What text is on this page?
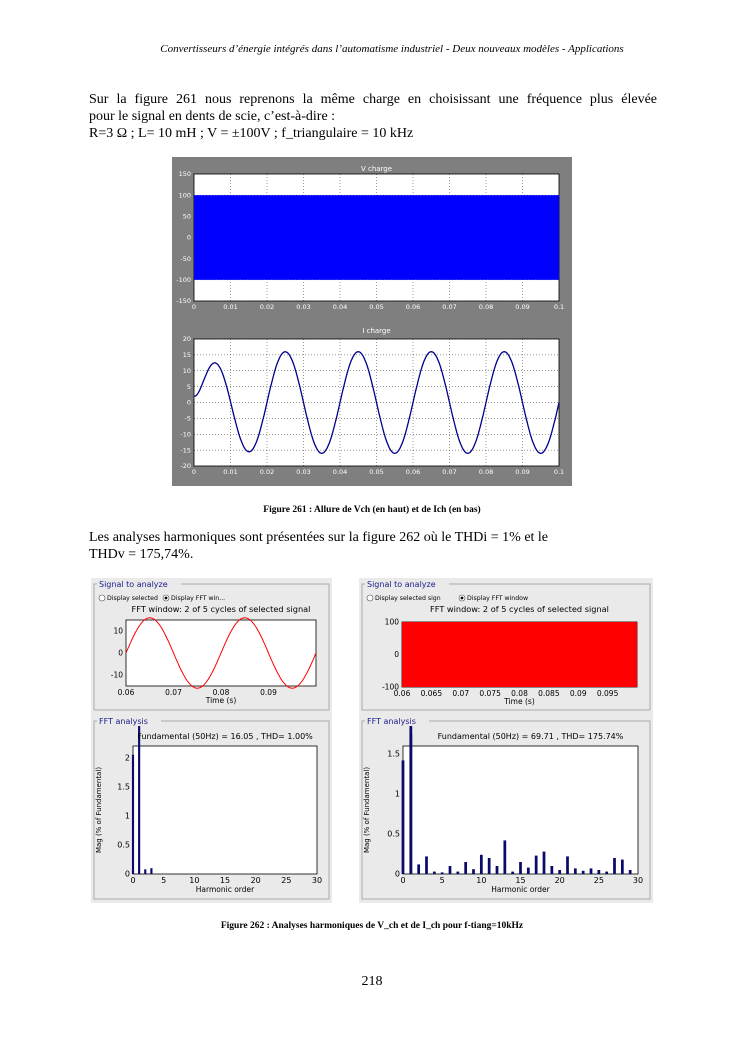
Convertisseurs d’énergie intégrés dans l’automatisme industriel - Deux nouveaux modèles - Applications
Sur la figure 261 nous reprenons la même charge en choisissant une fréquence plus élevée
pour le signal en dents de scie, c’est-à-dire :
R=3 Ω ; L= 10 mH ; V = ±100V ; f_triangulaire = 10 kHz
V charge
0	0.01	0.02	0.03	0.04	0.05	0.06	0.07	0.08	0.09	0.1
150
100
50
0
-50
-100
-150
I charge
0	0.01	0.02	0.03	0.04	0.05	0.06	0.07	0.08	0.09	0.1
20
15
10
5
0
-5
-10
-15
-20
Figure 261 : Allure de Vch (en haut) et de Ich (en bas)
Les analyses harmoniques sont présentées sur la figure 262 où le THDi = 1% et le
THDv = 175,74%.
Signal to analyze
Display selected Display FFT win...
FFT window: 2 of 5 cycles of selected signal
0.06	0.07	0.08	0.09
10
0
-10
Time (s)
FFT analysis
0	5	10	15	20	25	30
2
1.5
1
0.5
0
Harmonic order
Mag (% of Fundamental)
Fundamental (50Hz) = 16.05 , THD= 1.00%
Signal to analyze
Display selected sign	Display FFT window
FFT window: 2 of 5 cycles of selected signal
0.06 0.065 0.07 0.075 0.08 0.085 0.09 0.095
100
0
-100
Time (s)
FFT analysis
0	5	10	15	20	25	30
1.5
1
0.5
0
Harmonic order
Mag (% of Fundamental)
Fundamental (50Hz) = 69.71 , THD= 175.74%
Figure 262 : Analyses harmoniques de V_ch et de I_ch pour f-tiang=10kHz
218
